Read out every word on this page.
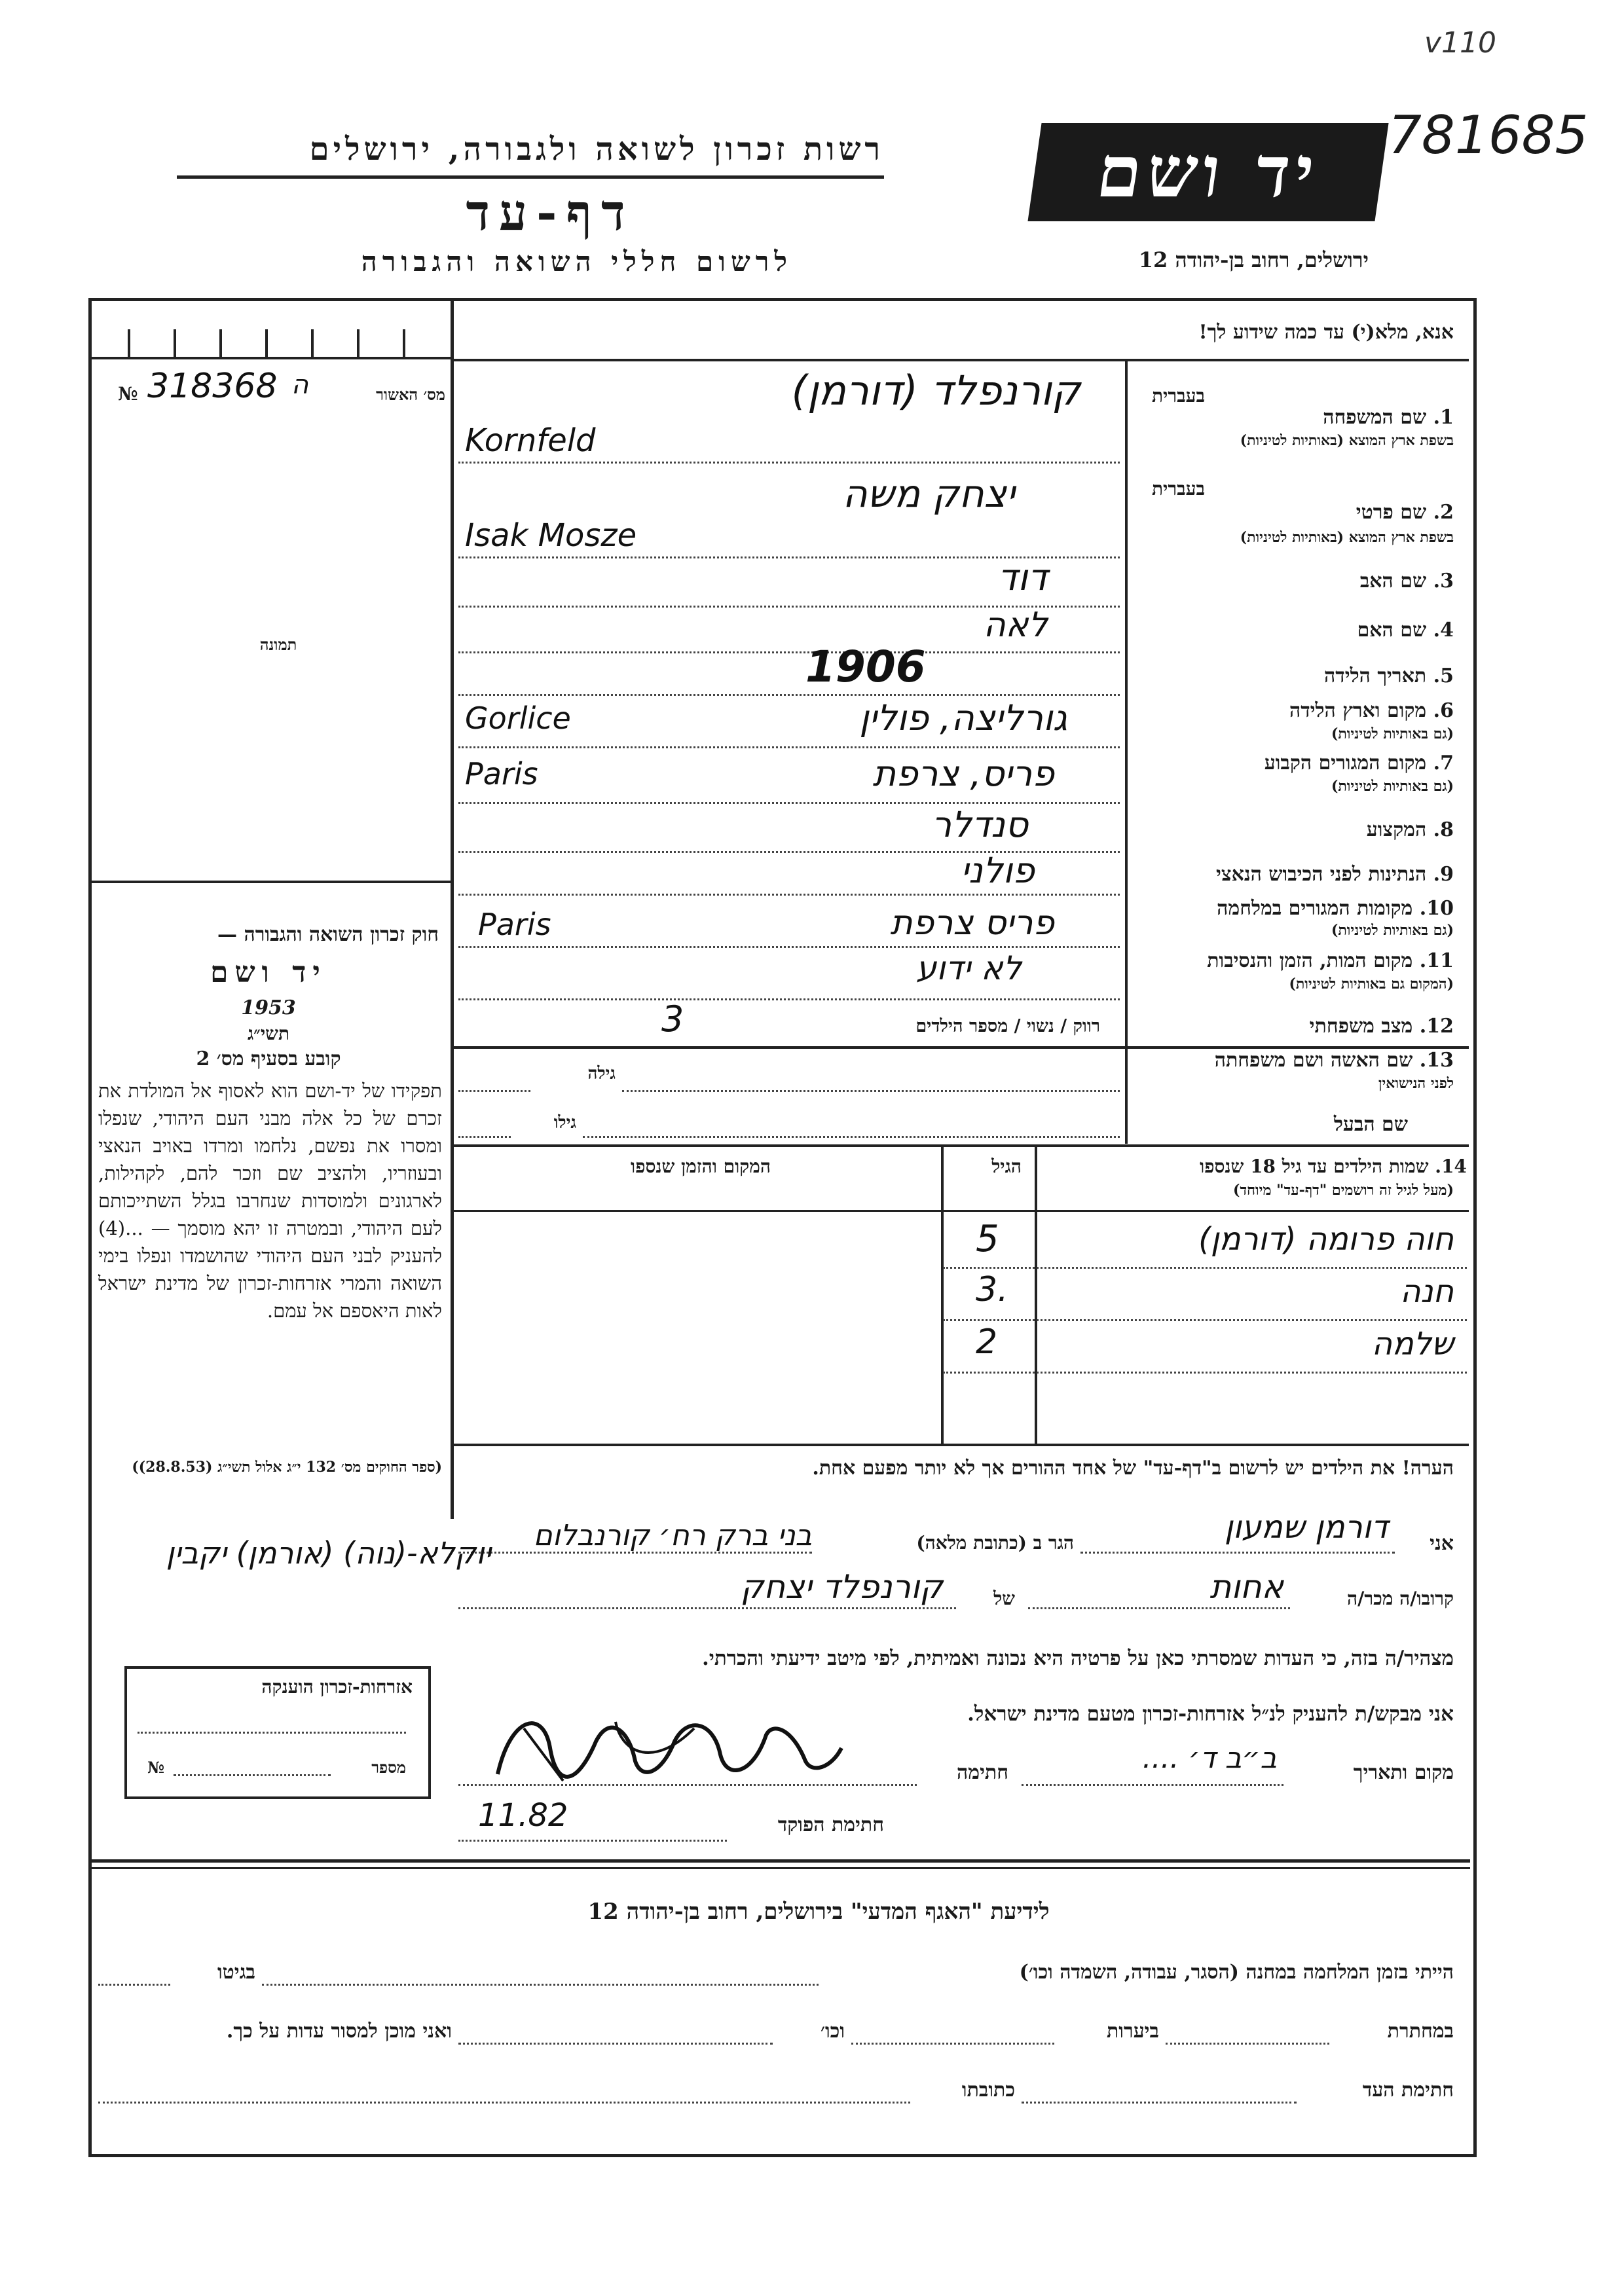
v110
781685
רשות זכרון לשואה ולגבורה, ירושלים
דף-עד
לרשום חללי השואה והגבורה
יד ושם
ירושלים, רחוב בן-יהודה 12
№ 318368 ה	מס׳ האשור
תמונה
חוק זכרון השואה והגבורה —
יד ושם
1953
תשי״ג
קובע בסעיף מס׳ 2
תפקידו של יד-ושם הוא לאסוף אל המולדת את זכרם של כל אלה מבני העם היהודי, שנפלו ומסרו את נפשם, נלחמו ומרדו באויב הנאצי ובעוזריו, ולהציב שם וזכר להם, לקהילות, לארגונים ולמוסדות שנחרבו בגלל השתייכותם לעם היהודי, ובמטרה זו יהא מוסמך — ...(4) להעניק לבני העם היהודי שהושמדו ונפלו בימי השואה והמרי אזרחות-זכרון של מדינת ישראל לאות היאספם אל עמם.
(ספר החוקים מס׳ 132 י״ג אלול תשי״ג (28.8.53))
אנא, מלא(י) עד כמה שידוע לך!
בעברית
1. שם המשפחה
בשפת ארץ המוצא (באותיות לטיניות)
קורנפלד (דורמן)
Kornfeld
בעברית
2. שם פרטי
בשפת ארץ המוצא (באותיות לטיניות)
יצחק משה
Isak Mosze
3. שם האב
דוד
4. שם האם
לאה
5. תאריך הלידה
1906
6. מקום וארץ הלידה
(גם באותיות לטיניות)
גורליצה, פולין
Gorlice
7. מקום המגורים הקבוע
(גם באותיות לטיניות)
פריס, צרפת
Paris
8. המקצוע
סנדלר
9. הנתינות לפני הכיבוש הנאצי
פולני
10. מקומות המגורים במלחמה
(גם באותיות לטיניות)
פריס צרפת
Paris
11. מקום המות, הזמן והנסיבות
(המקום גם באותיות לטיניות)
לא ידוע
12. מצב משפחתי
רווק / נשוי / מספר הילדים
3
13. שם האשה ושם משפחתה
לפני הנישואין
גילה
שם הבעל
גילו
14. שמות הילדים עד גיל 18 שנספו
(מעל לגיל זה רושמים "דף-עד" מיוחד)
הגיל
המקום והזמן שנספו
חוה פרומה (דורמן)
5
חנה
3.
שלמה
2
הערה! את הילדים יש לרשום ב"דף-עד" של אחד ההורים אך לא יותר מפעם אחת.
אני
דורמן שמעון
הגר ב (כתובת מלאה)
בני ברק רח׳ קורנבלום
יוקלא-(נוה) (אורמן) יקבין
קרובו/ה מכר/ה
אחות
של
קורנפלד יצחק
מצהיר/ה בזה, כי העדות שמסרתי כאן על פרטיה היא נכונה ואמיתית, לפי מיטב ידיעתי והכרתי.
אני מבקש/ת להעניק לנ״ל אזרחות-זכרון מטעם מדינת ישראל.
מקום ותאריך
ב״ב ד׳ ....
חתימה
חתימת הפוקד
11.82
אזרחות-זכרון הוענקה
№	מספר
לידיעת "האגף המדעי" בירושלים, רחוב בן-יהודה 12
הייתי בזמן המלחמה במחנה (הסגר, עבודה, השמדה וכו׳)
בגיטו
במחתרת
ביערות
וכו׳
ואני מוכן למסור עדות על כך.
חתימת העד
כתובתו
